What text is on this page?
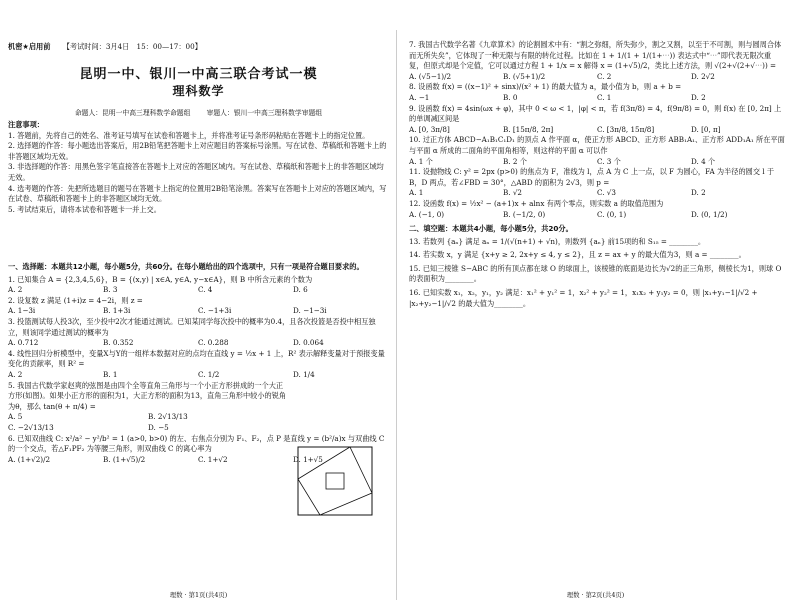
机密★启用前 【考试时间：3月4日　15：00—17：00】
昆明一中、银川一中高三联合考试一模
理科数学
命题人：昆明一中高三理科数学命题组 审题人：银川一中高三理科数学审题组
注意事项：
1. 答题前，先将自己的姓名、准考证号填写在试卷和答题卡上，并将准考证号条形码粘贴在答题卡上的指定位置。
2. 选择题的作答：每小题选出答案后，用2B铅笔把答题卡上对应题目的答案标号涂黑。写在试卷、草稿纸和答题卡上的非答题区域均无效。
3. 非选择题的作答：用黑色签字笔直接答在答题卡上对应的答题区域内。写在试卷、草稿纸和答题卡上的非答题区域均无效。
4. 选考题的作答：先把所选题目的题号在答题卡上指定的位置用2B铅笔涂黑。答案写在答题卡上对应的答题区域内，写在试卷、草稿纸和答题卡上的非答题区域均无效。
5. 考试结束后，请将本试卷和答题卡一并上交。
一、选择题：本题共12小题，每小题5分，共60分。在每小题给出的四个选项中，只有一项是符合题目要求的。
1. 已知集合 A = {2,3,4,5,6}，B = {(x,y) | x∈A, y∈A, y−x∈A}，则 B 中所含元素的个数为
A. 2	B. 3	C. 4	D. 6
2. 设复数 z 满足 (1+i)z = 4−2i，则 z =
A. 1−3i	B. 1+3i	C. −1+3i	D. −1−3i
3. 投篮测试每人投3次，至少投中2次才能通过测试。已知某同学每次投中的概率为0.4，且各次投篮是否投中相互独立，则该同学通过测试的概率为
A. 0.712	B. 0.352	C. 0.288	D. 0.064
4. 线性回归分析模型中，变量X与Y的一组样本数据对应的点均在直线 y = ½x + 1 上，R² 表示解释变量对于预报变量变化的贡献率，则 R² =
A. 2	B. 1	C. 1/2	D. 1/4
5. 我国古代数学家赵爽的弦图是由四个全等直角三角形与一个小正方形拼成的一个大正方形(如图)。如果小正方形的面积为1，大正方形的面积为13，直角三角形中较小的锐角为θ，那么 tan(θ + π/4) =
A. 5	B. 2√13/13
C. −2√13/13	D. −5
6. 已知双曲线 C: x²/a² − y²/b² = 1 (a>0, b>0) 的左、右焦点分别为 F₁、F₂，点 P 是直线 y = (b²/a)x 与双曲线 C 的一个交点，若△F₁PF₂ 为等腰三角形，则双曲线 C 的离心率为
A. (1+√2)/2	B. (1+√5)/2	C. 1+√2	D. 1+√5
理数 · 第1页(共4页)
7. 我国古代数学名著《九章算术》的论割圆术中有：“割之弥细，所失弥少，割之又割，以至于不可割，则与圆周合体而无所失矣”，它体现了一种无限与有限的转化过程。比如在 1 + 1/(1 + 1/(1+⋯)) 表达式中“⋯”即代表无限次重复，但原式却是个定值，它可以通过方程 1 + 1/x = x 解得 x = (1+√5)/2，类比上述方法，则 √(2+√(2+√⋯)) =
A. (√5−1)/2	B. (√5+1)/2	C. 2	D. 2√2
8. 设函数 f(x) = ((x−1)² + sinx)/(x² + 1) 的最大值为 a，最小值为 b，则 a + b =
A. −1	B. 0	C. 1	D. 2
9. 设函数 f(x) = 4sin(ωx + φ)，其中 0 < ω < 1，|φ| < π，若 f(3π/8) = 4，f(9π/8) = 0，则 f(x) 在 [0, 2π] 上的单调减区间是
A. [0, 3π/8]	B. [15π/8, 2π]	C. [3π/8, 15π/8]	D. [0, π]
10. 过正方体 ABCD−A₁B₁C₁D₁ 的顶点 A 作平面 α，使正方形 ABCD、正方形 ABB₁A₁、正方形 ADD₁A₁ 所在平面与平面 α 所成的二面角的平面角相等，则这样的平面 α 可以作
A. 1 个	B. 2 个	C. 3 个	D. 4 个
11. 设抛物线 C: y² = 2px (p>0) 的焦点为 F，准线为 l，点 A 为 C 上一点，以 F 为圆心，FA 为半径的圆交 l 于 B，D 两点，若∠FBD = 30°，△ABD 的面积为 2√3，则 p =
A. 1	B. √2	C. √3	D. 2
12. 设函数 f(x) = ½x² − (a+1)x + alnx 有两个零点，则实数 a 的取值范围为
A. (−1, 0)	B. (−1/2, 0)	C. (0, 1)	D. (0, 1/2)
二、填空题：本题共4小题，每小题5分，共20分。
13. 若数列 {aₙ} 满足 aₙ = 1/(√(n+1) + √n)，则数列 {aₙ} 前15项的和 S₁₅ = ________。
14. 若实数 x，y 满足 {x+y ≥ 2, 2x+y ≤ 4, y ≤ 2}，且 z = ax + y 的最大值为3，则 a = ________。
15. 已知三棱锥 S−ABC 的所有顶点都在球 O 的球面上，该棱锥的底面是边长为√2的正三角形，侧棱长为1，则球 O 的表面积为________。
16. 已知实数 x₁，x₂，y₁，y₂ 满足：x₁² + y₁² = 1，x₂² + y₂² = 1，x₁x₂ + y₁y₂ = 0，则 |x₁+y₁−1|/√2 + |x₂+y₂−1|/√2 的最大值为________。
理数 · 第2页(共4页)
